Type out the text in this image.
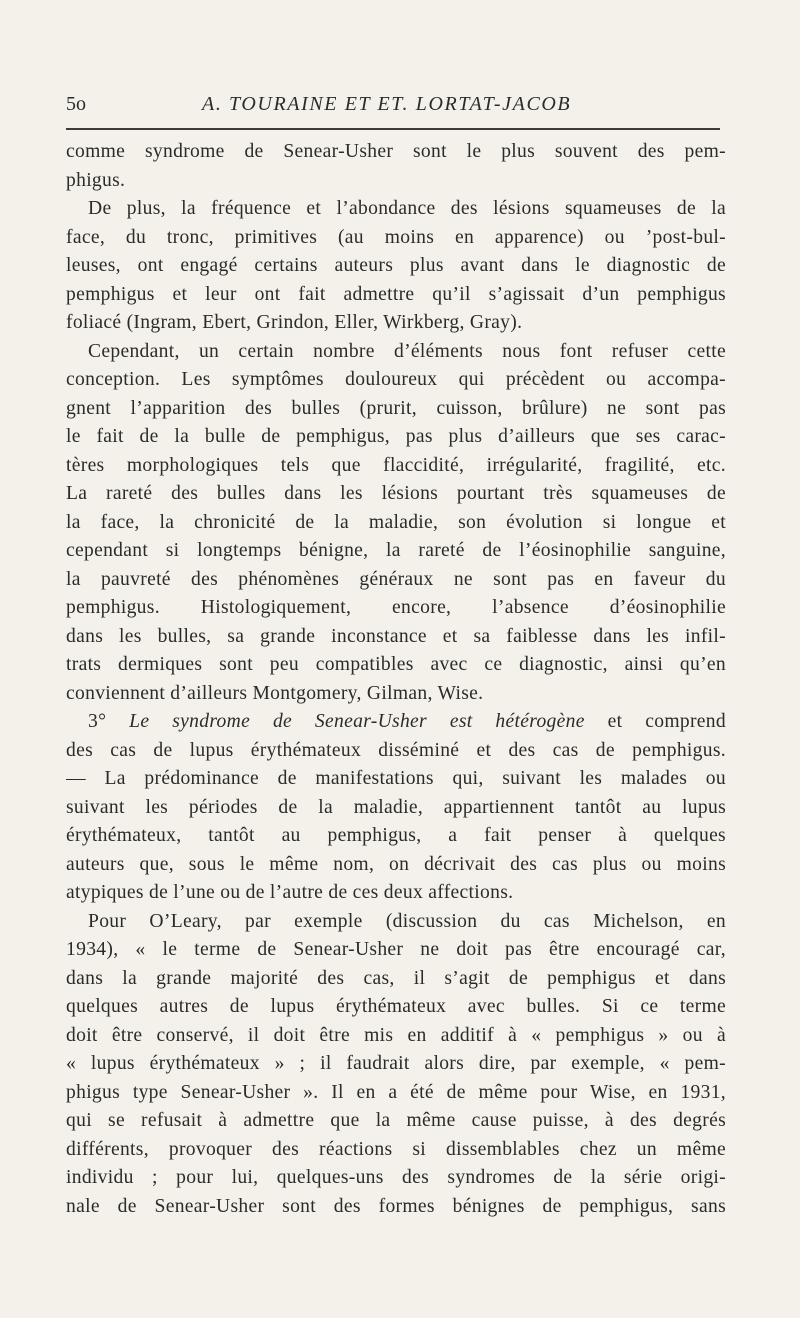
5o	A. TOURAINE ET ET. LORTAT-JACOB
comme syndrome de Senear-Usher sont le plus souvent des pem-
phigus.
De plus, la fréquence et l’abondance des lésions squameuses de la
face, du tronc, primitives (au moins en apparence) ou ’post-bul-
leuses, ont engagé certains auteurs plus avant dans le diagnostic de
pemphigus et leur ont fait admettre qu’il s’agissait d’un pemphigus
foliacé (Ingram, Ebert, Grindon, Eller, Wirkberg, Gray).
Cependant, un certain nombre d’éléments nous font refuser cette
conception. Les symptômes douloureux qui précèdent ou accompa-
gnent l’apparition des bulles (prurit, cuisson, brûlure) ne sont pas
le fait de la bulle de pemphigus, pas plus d’ailleurs que ses carac-
tères morphologiques tels que flaccidité, irrégularité, fragilité, etc.
La rareté des bulles dans les lésions pourtant très squameuses de
la face, la chronicité de la maladie, son évolution si longue et
cependant si longtemps bénigne, la rareté de l’éosinophilie sanguine,
la pauvreté des phénomènes généraux ne sont pas en faveur du
pemphigus. Histologiquement, encore, l’absence d’éosinophilie
dans les bulles, sa grande inconstance et sa faiblesse dans les infil-
trats dermiques sont peu compatibles avec ce diagnostic, ainsi qu’en
conviennent d’ailleurs Montgomery, Gilman, Wise.
3° Le syndrome de Senear-Usher est hétérogène et comprend
des cas de lupus érythémateux disséminé et des cas de pemphigus.
— La prédominance de manifestations qui, suivant les malades ou
suivant les périodes de la maladie, appartiennent tantôt au lupus
érythémateux, tantôt au pemphigus, a fait penser à quelques
auteurs que, sous le même nom, on décrivait des cas plus ou moins
atypiques de l’une ou de l’autre de ces deux affections.
Pour O’Leary, par exemple (discussion du cas Michelson, en
1934), « le terme de Senear-Usher ne doit pas être encouragé car,
dans la grande majorité des cas, il s’agit de pemphigus et dans
quelques autres de lupus érythémateux avec bulles. Si ce terme
doit être conservé, il doit être mis en additif à « pemphigus » ou à
« lupus érythémateux » ; il faudrait alors dire, par exemple, « pem-
phigus type Senear-Usher ». Il en a été de même pour Wise, en 1931,
qui se refusait à admettre que la même cause puisse, à des degrés
différents, provoquer des réactions si dissemblables chez un même
individu ; pour lui, quelques-uns des syndromes de la série origi-
nale de Senear-Usher sont des formes bénignes de pemphigus, sans
